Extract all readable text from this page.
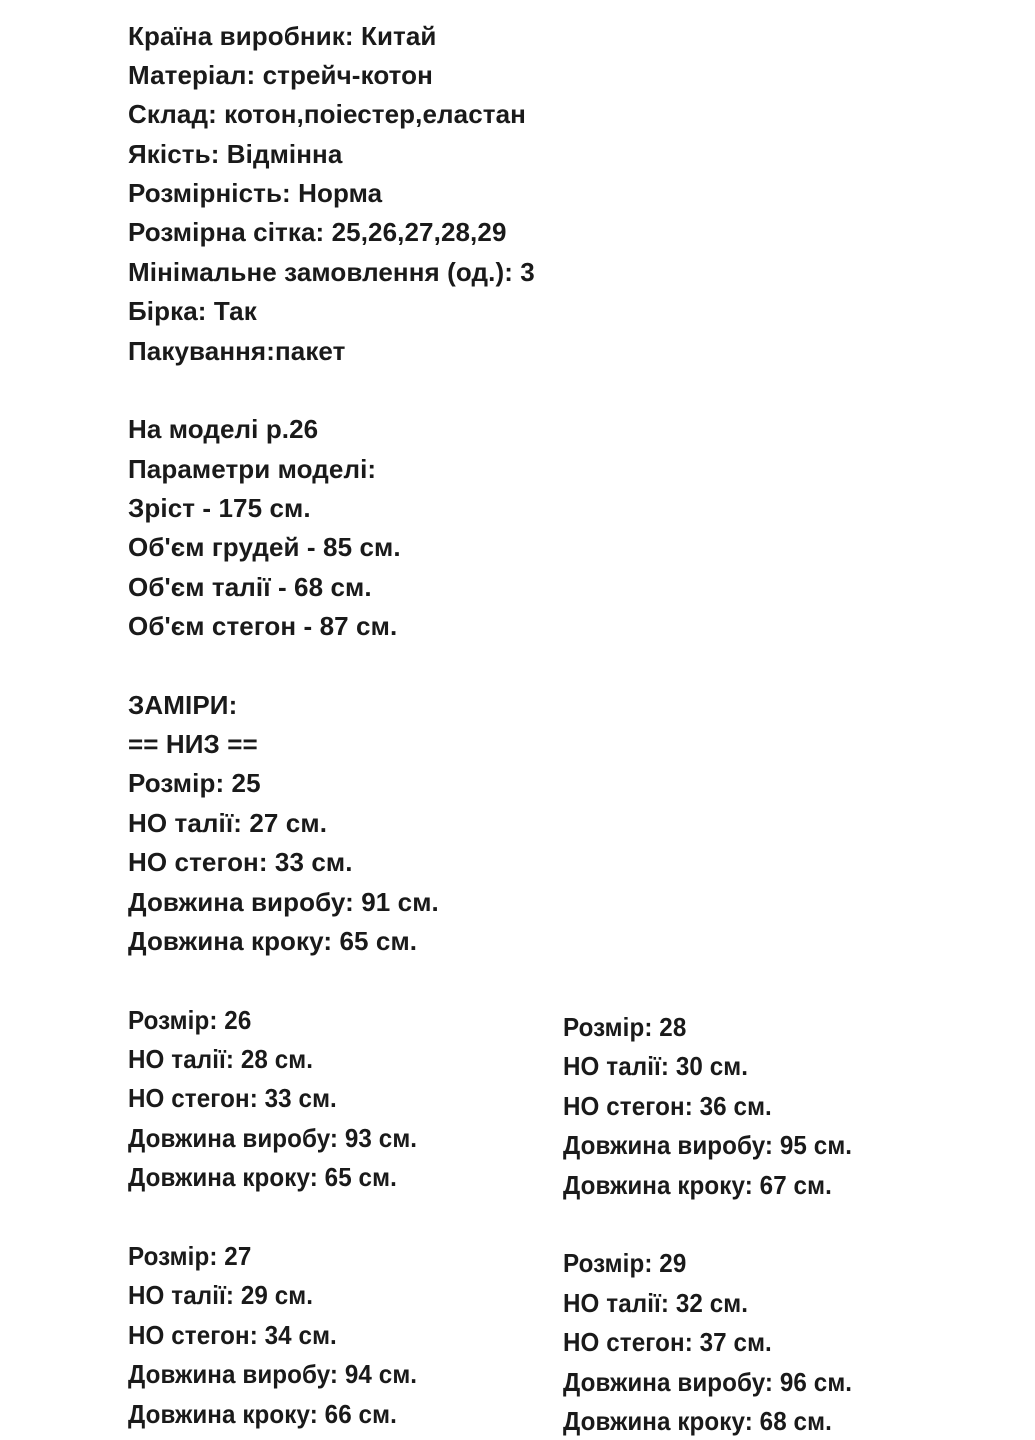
Країна виробник: Китай
Матеріал: стрейч-котон
Склад: котон,поіестер,еластан
Якість: Відмінна
Розмірність: Норма
Розмірна сітка: 25,26,27,28,29
Мінімальне замовлення (од.): 3
Бірка: Так
Пакування:пакет
На моделі р.26
Параметри моделі:
Зріст - 175 см.
Об'єм грудей - 85 см.
Об'єм талії - 68 см.
Об'єм стегон - 87 см.
ЗАМІРИ:
== НИЗ ==
Розмір: 25
НО талії: 27 см.
НО стегон: 33 см.
Довжина виробу: 91 см.
Довжина кроку: 65 см.
Розмір: 26
НО талії: 28 см.
НО стегон: 33 см.
Довжина виробу: 93 см.
Довжина кроку: 65 см.
Розмір: 27
НО талії: 29 см.
НО стегон: 34 см.
Довжина виробу: 94 см.
Довжина кроку: 66 см.
Розмір: 28
НО талії: 30 см.
НО стегон: 36 см.
Довжина виробу: 95 см.
Довжина кроку: 67 см.
Розмір: 29
НО талії: 32 см.
НО стегон: 37 см.
Довжина виробу: 96 см.
Довжина кроку: 68 см.
